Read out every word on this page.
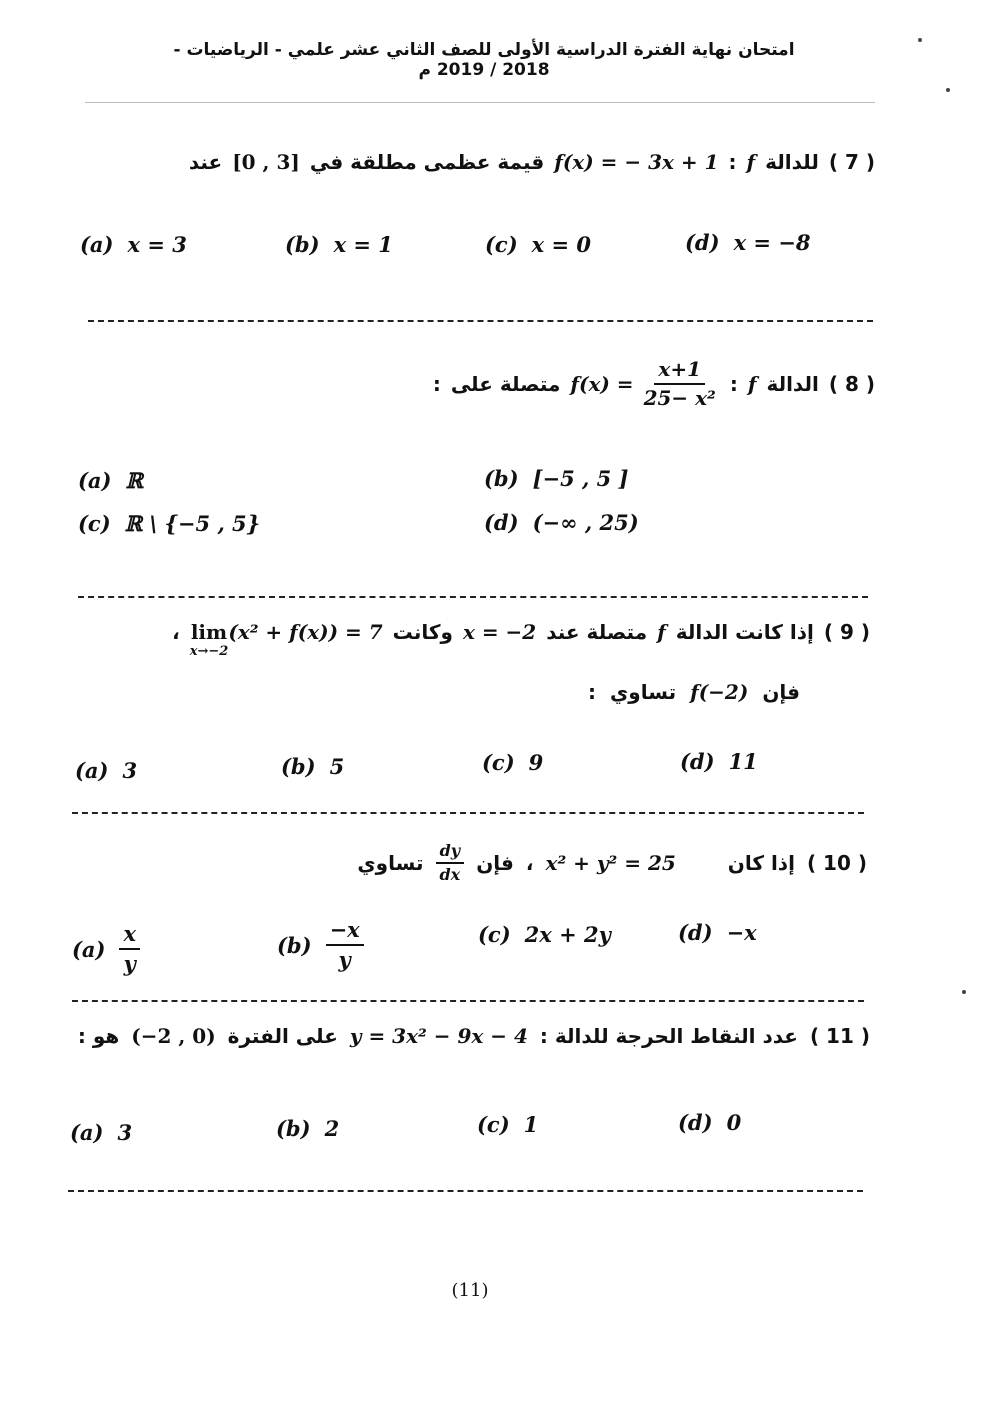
امتحان نهاية الفترة الدراسية الأولى للصف الثاني عشر علمي - الرياضيات - 2018 / 2019 م
( 7 )
للدالة
f
:
f(x) = − 3x + 1
قيمة عظمى مطلقة في
[0 , 3]
عند
(a) x = 3	(b) x = 1	(c) x = 0	(d) x = −8
( 8 )
الدالة
f
:
$f(x) = \frac{x+1}{\text{25− x²}}$
متصلة على
:
(a) ℝ	(b) [−5 , 5 ]
(c) ℝ \ {−5 , 5}	(d) (−∞ , 25)
( 9 )
إذا كانت الدالة
f
متصلة عند
x = −2
وكانت
lim
x→−2
(x² + f(x)) = 7
،
فإن
f(−2)
تساوي
:
(a) 3	(b) 5	(c) 9	(d) 11
( 10 )
إذا كان
x² + y² = 25
،
فإن
$\frac{dy}{dx}$
تساوي
$(a) \frac{x}{y}$	$(b) \frac{-x}{y}$	(c) 2x + 2y	(d) −x
( 11 )
عدد النقاط الحرجة للدالة :
y = 3x² − 9x − 4
على الفترة
(−2 , 0)
هو :
(a) 3	(b) 2	(c) 1	(d) 0
(11)
